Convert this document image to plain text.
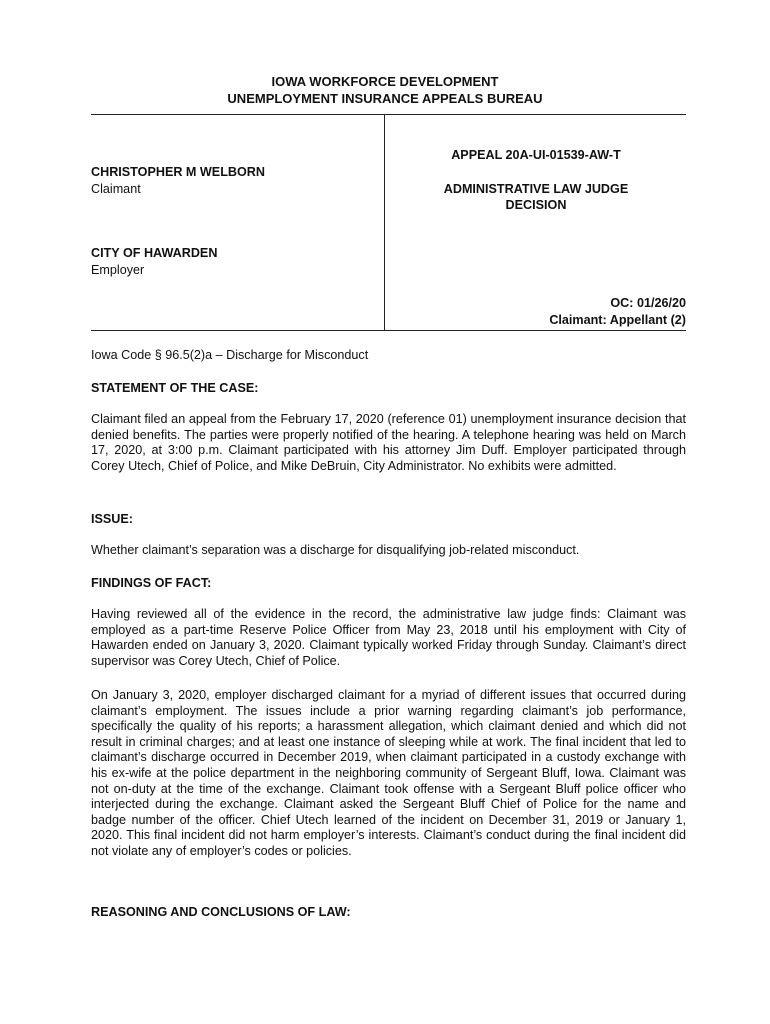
IOWA WORKFORCE DEVELOPMENT
UNEMPLOYMENT INSURANCE APPEALS BUREAU
CHRISTOPHER M WELBORN
Claimant
CITY OF HAWARDEN
Employer
APPEAL 20A-UI-01539-AW-T
ADMINISTRATIVE LAW JUDGE
DECISION
OC: 01/26/20
Claimant: Appellant (2)
Iowa Code § 96.5(2)a – Discharge for Misconduct
STATEMENT OF THE CASE:
Claimant filed an appeal from the February 17, 2020 (reference 01) unemployment insurance decision that denied benefits. The parties were properly notified of the hearing. A telephone hearing was held on March 17, 2020, at 3:00 p.m. Claimant participated with his attorney Jim Duff. Employer participated through Corey Utech, Chief of Police, and Mike DeBruin, City Administrator. No exhibits were admitted.
ISSUE:
Whether claimant’s separation was a discharge for disqualifying job-related misconduct.
FINDINGS OF FACT:
Having reviewed all of the evidence in the record, the administrative law judge finds: Claimant was employed as a part-time Reserve Police Officer from May 23, 2018 until his employment with City of Hawarden ended on January 3, 2020. Claimant typically worked Friday through Sunday. Claimant’s direct supervisor was Corey Utech, Chief of Police.
On January 3, 2020, employer discharged claimant for a myriad of different issues that occurred during claimant’s employment. The issues include a prior warning regarding claimant’s job performance, specifically the quality of his reports; a harassment allegation, which claimant denied and which did not result in criminal charges; and at least one instance of sleeping while at work. The final incident that led to claimant’s discharge occurred in December 2019, when claimant participated in a custody exchange with his ex-wife at the police department in the neighboring community of Sergeant Bluff, Iowa. Claimant was not on-duty at the time of the exchange. Claimant took offense with a Sergeant Bluff police officer who interjected during the exchange. Claimant asked the Sergeant Bluff Chief of Police for the name and badge number of the officer. Chief Utech learned of the incident on December 31, 2019 or January 1, 2020. This final incident did not harm employer’s interests. Claimant’s conduct during the final incident did not violate any of employer’s codes or policies.
REASONING AND CONCLUSIONS OF LAW:
